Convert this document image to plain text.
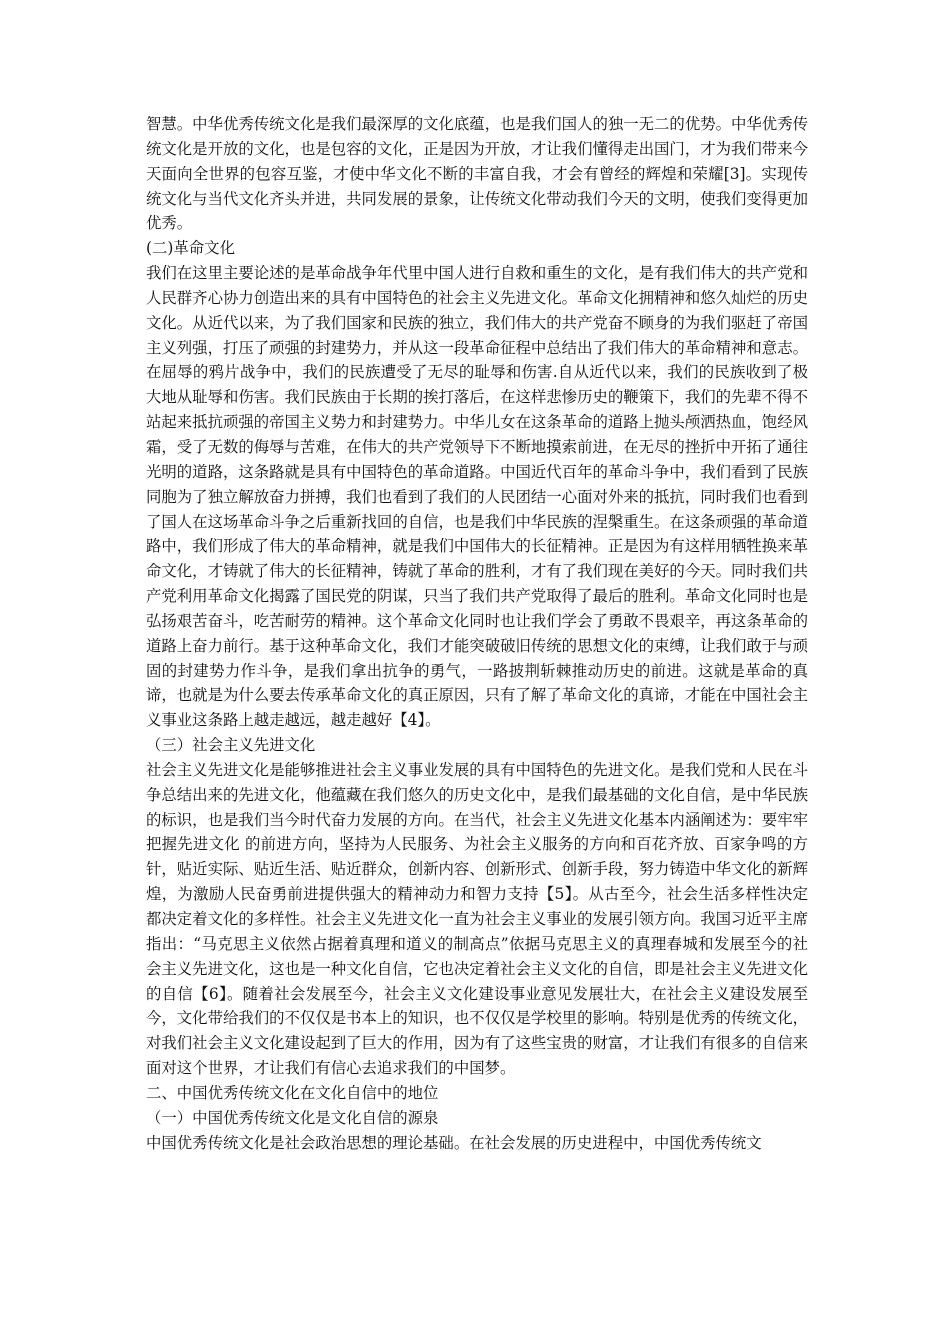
智慧。中华优秀传统文化是我们最深厚的文化底蕴，也是我们国人的独一无二的优势。中华优秀传统文化是开放的文化，也是包容的文化，正是因为开放，才让我们懂得走出国门，才为我们带来今天面向全世界的包容互鉴，才使中华文化不断的丰富自我，才会有曾经的辉煌和荣耀[3]。实现传统文化与当代文化齐头并进，共同发展的景象，让传统文化带动我们今天的文明，使我们变得更加优秀。

(二)革命文化

我们在这里主要论述的是革命战争年代里中国人进行自救和重生的文化，是有我们伟大的共产党和人民群齐心协力创造出来的具有中国特色的社会主义先进文化。革命文化拥精神和悠久灿烂的历史文化。从近代以来，为了我们国家和民族的独立，我们伟大的共产党奋不顾身的为我们驱赶了帝国主义列强，打压了顽强的封建势力，并从这一段革命征程中总结出了我们伟大的革命精神和意志。在屈辱的鸦片战争中，我们的民族遭受了无尽的耻辱和伤害.自从近代以来，我们的民族收到了极大地从耻辱和伤害。我们民族由于长期的挨打落后，在这样悲惨历史的鞭策下，我们的先辈不得不站起来抵抗顽强的帝国主义势力和封建势力。中华儿女在这条革命的道路上抛头颅洒热血，饱经风霜，受了无数的侮辱与苦难，在伟大的共产党领导下不断地摸索前进，在无尽的挫折中开拓了通往光明的道路，这条路就是具有中国特色的革命道路。中国近代百年的革命斗争中，我们看到了民族同胞为了独立解放奋力拼搏，我们也看到了我们的人民团结一心面对外来的抵抗，同时我们也看到了国人在这场革命斗争之后重新找回的自信，也是我们中华民族的涅槃重生。在这条顽强的革命道路中，我们形成了伟大的革命精神，就是我们中国伟大的长征精神。正是因为有这样用牺牲换来革命文化，才铸就了伟大的长征精神，铸就了革命的胜利，才有了我们现在美好的今天。同时我们共产党利用革命文化揭露了国民党的阴谋，只当了我们共产党取得了最后的胜利。革命文化同时也是弘扬艰苦奋斗，吃苦耐劳的精神。这个革命文化同时也让我们学会了勇敢不畏艰辛，再这条革命的道路上奋力前行。基于这种革命文化，我们才能突破破旧传统的思想文化的束缚，让我们敢于与顽固的封建势力作斗争，是我们拿出抗争的勇气，一路披荆斩棘推动历史的前进。这就是革命的真谛，也就是为什么要去传承革命文化的真正原因，只有了解了革命文化的真谛，才能在中国社会主义事业这条路上越走越远，越走越好【4】。

（三）社会主义先进文化

社会主义先进文化是能够推进社会主义事业发展的具有中国特色的先进文化。是我们党和人民在斗争总结出来的先进文化，他蕴藏在我们悠久的历史文化中，是我们最基础的文化自信，是中华民族的标识，也是我们当今时代奋力发展的方向。在当代，社会主义先进文化基本内涵阐述为：要牢牢把握先进文化 的前进方向，坚持为人民服务、为社会主义服务的方向和百花齐放、百家争鸣的方针，贴近实际、贴近生活、贴近群众，创新内容、创新形式、创新手段，努力铸造中华文化的新辉煌，为激励人民奋勇前进提供强大的精神动力和智力支持【5】。从古至今，社会生活多样性决定都决定着文化的多样性。社会主义先进文化一直为社会主义事业的发展引领方向。我国习近平主席指出：“马克思主义依然占据着真理和道义的制高点”依据马克思主义的真理春城和发展至今的社会主义先进文化，这也是一种文化自信，它也决定着社会主义文化的自信，即是社会主义先进文化的自信【6】。随着社会发展至今，社会主义文化建设事业意见发展壮大，在社会主义建设发展至今，文化带给我们的不仅仅是书本上的知识，也不仅仅是学校里的影响。特别是优秀的传统文化，对我们社会主义文化建设起到了巨大的作用，因为有了这些宝贵的财富，才让我们有很多的自信来面对这个世界，才让我们有信心去追求我们的中国梦。

二、中国优秀传统文化在文化自信中的地位

（一）中国优秀传统文化是文化自信的源泉

中国优秀传统文化是社会政治思想的理论基础。在社会发展的历史进程中，中国优秀传统文
